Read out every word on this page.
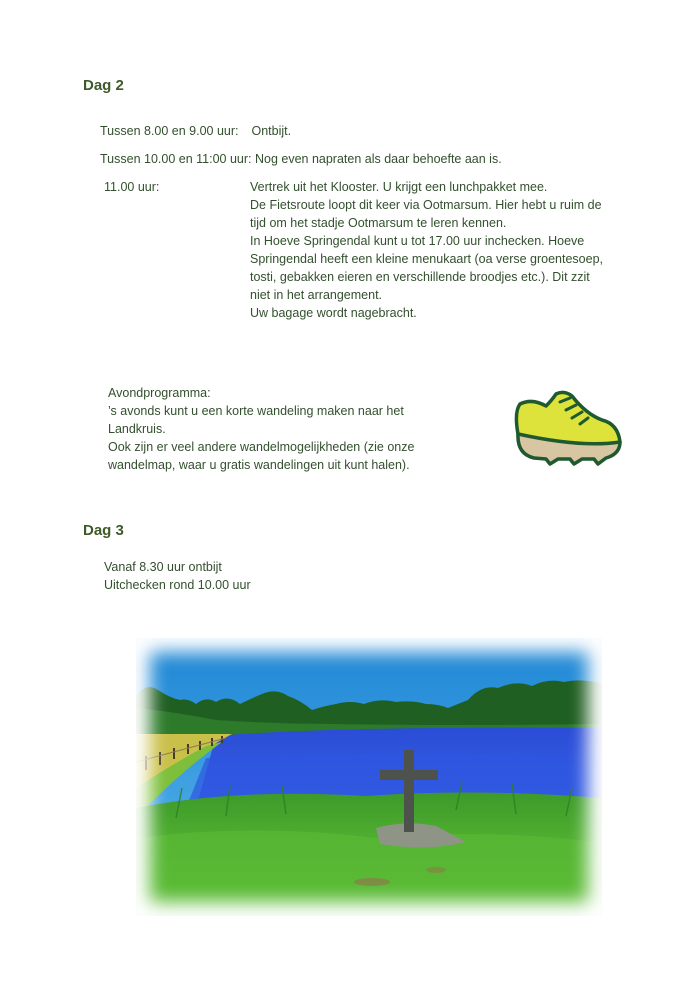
Dag 2
Tussen 8.00 en 9.00 uur: Ontbijt.
Tussen 10.00 en 11:00 uur: Nog even napraten als daar behoefte aan is.
11.00 uur:	Vertrek uit het Klooster. U krijgt een lunchpakket mee.
De Fietsroute loopt dit keer via Ootmarsum. Hier hebt u ruim de
tijd om het stadje Ootmarsum te leren kennen.
In Hoeve Springendal kunt u tot 17.00 uur inchecken. Hoeve
Springendal heeft een kleine menukaart (oa verse groentesoep,
tosti, gebakken eieren en verschillende broodjes etc.). Dit zzit
niet in het arrangement.
Uw bagage wordt nagebracht.
Avondprogramma:
’s avonds kunt u een korte wandeling maken naar het
Landkruis.
Ook zijn er veel andere wandelmogelijkheden (zie onze
wandelmap, waar u gratis wandelingen uit kunt halen).
Dag 3
Vanaf 8.30 uur ontbijt
Uitchecken rond 10.00 uur
